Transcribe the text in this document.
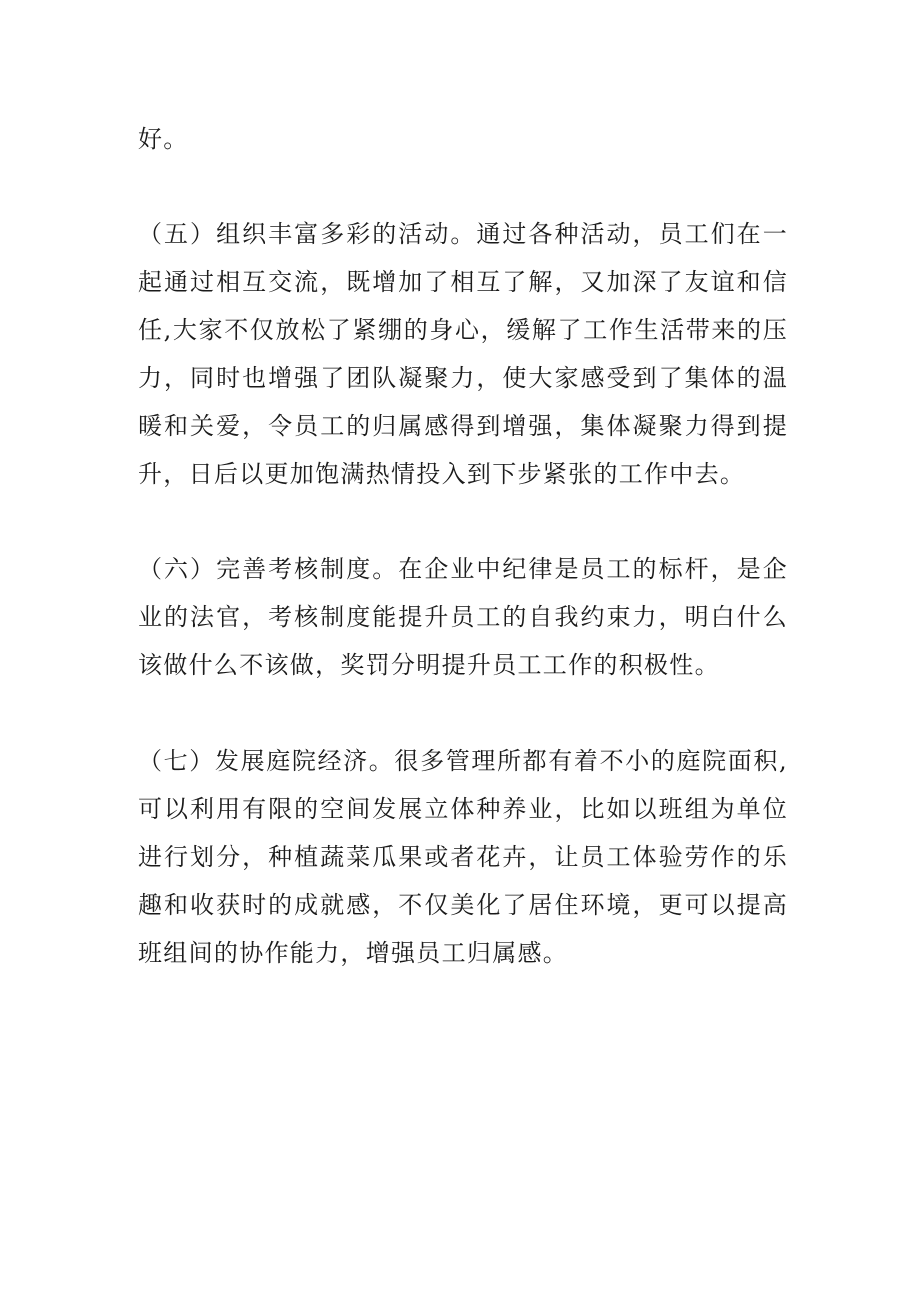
好。

（五）组织丰富多彩的活动。通过各种活动，员工们在一起通过相互交流，既增加了相互了解，又加深了友谊和信任,大家不仅放松了紧绷的身心，缓解了工作生活带来的压力，同时也增强了团队凝聚力，使大家感受到了集体的温暖和关爱，令员工的归属感得到增强，集体凝聚力得到提升，日后以更加饱满热情投入到下步紧张的工作中去。

（六）完善考核制度。在企业中纪律是员工的标杆，是企业的法官，考核制度能提升员工的自我约束力，明白什么该做什么不该做，奖罚分明提升员工工作的积极性。

（七）发展庭院经济。很多管理所都有着不小的庭院面积,可以利用有限的空间发展立体种养业，比如以班组为单位进行划分，种植蔬菜瓜果或者花卉，让员工体验劳作的乐趣和收获时的成就感，不仅美化了居住环境，更可以提高班组间的协作能力，增强员工归属感。
